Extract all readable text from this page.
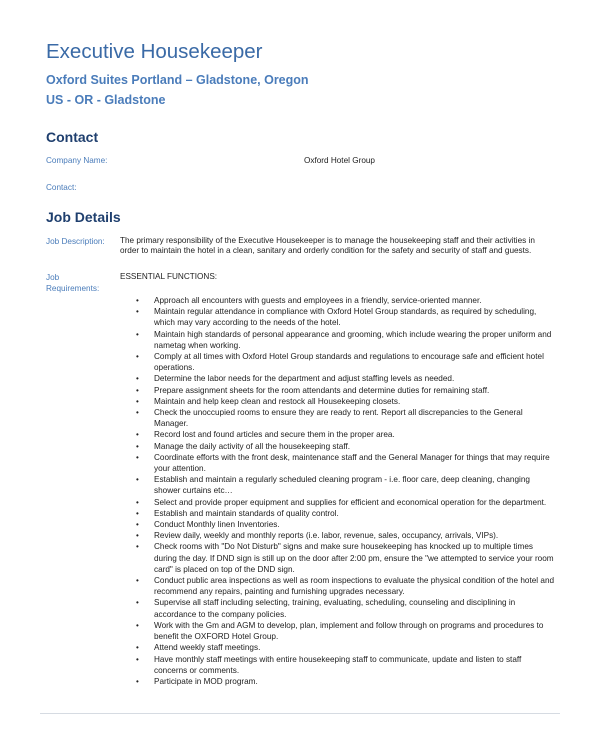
Executive Housekeeper
Oxford Suites Portland – Gladstone, Oregon
US - OR - Gladstone
Contact
Company Name:	Oxford Hotel Group
Contact:
Job Details
Job Description: The primary responsibility of the Executive Housekeeper is to manage the housekeeping staff and their activities in order to maintain the hotel in a clean, sanitary and orderly condition for the safety and security of staff and guests.
Job
Requirements:
ESSENTIAL FUNCTIONS:
• Approach all encounters with guests and employees in a friendly, service-oriented manner.
• Maintain regular attendance in compliance with Oxford Hotel Group standards, as required by scheduling, which may vary according to the needs of the hotel.
• Maintain high standards of personal appearance and grooming, which include wearing the proper uniform and nametag when working.
• Comply at all times with Oxford Hotel Group standards and regulations to encourage safe and efficient hotel operations.
• Determine the labor needs for the department and adjust staffing levels as needed.
• Prepare assignment sheets for the room attendants and determine duties for remaining staff.
• Maintain and help keep clean and restock all Housekeeping closets.
• Check the unoccupied rooms to ensure they are ready to rent. Report all discrepancies to the General Manager.
• Record lost and found articles and secure them in the proper area.
• Manage the daily activity of all the housekeeping staff.
• Coordinate efforts with the front desk, maintenance staff and the General Manager for things that may require your attention.
• Establish and maintain a regularly scheduled cleaning program - i.e. floor care, deep cleaning, changing shower curtains etc…
• Select and provide proper equipment and supplies for efficient and economical operation for the department.
• Establish and maintain standards of quality control.
• Conduct Monthly linen Inventories.
• Review daily, weekly and monthly reports (i.e. labor, revenue, sales, occupancy, arrivals, VIPs).
• Check rooms with "Do Not Disturb" signs and make sure housekeeping has knocked up to multiple times during the day. If DND sign is still up on the door after 2:00 pm, ensure the "we attempted to service your room card" is placed on top of the DND sign.
• Conduct public area inspections as well as room inspections to evaluate the physical condition of the hotel and recommend any repairs, painting and furnishing upgrades necessary.
• Supervise all staff including selecting, training, evaluating, scheduling, counseling and disciplining in accordance to the company policies.
• Work with the Gm and AGM to develop, plan, implement and follow through on programs and procedures to benefit the OXFORD Hotel Group.
• Attend weekly staff meetings.
• Have monthly staff meetings with entire housekeeping staff to communicate, update and listen to staff concerns or comments.
• Participate in MOD program.
